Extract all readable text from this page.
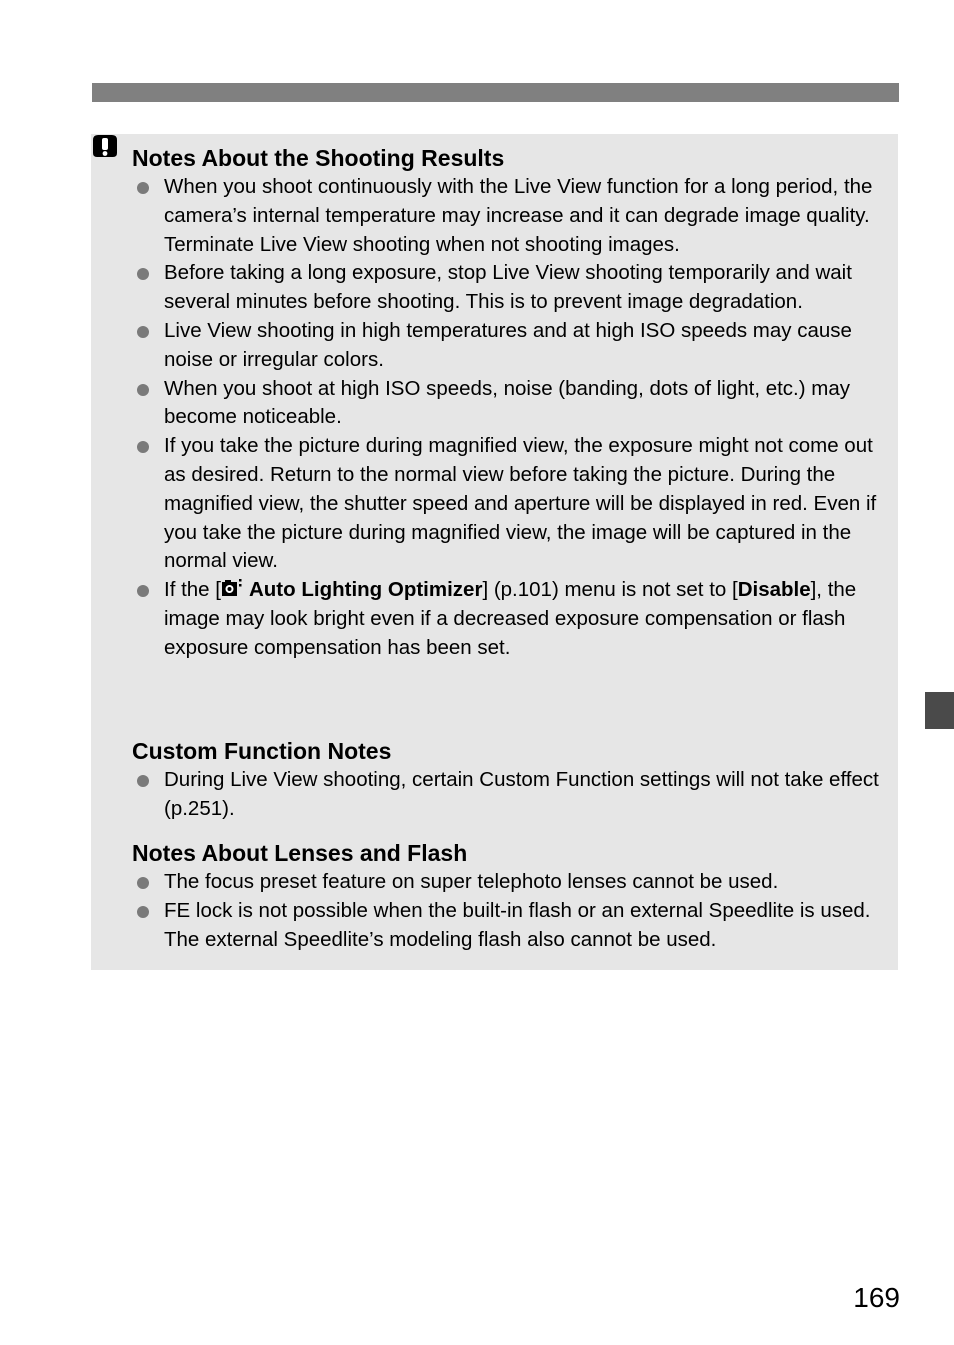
Notes About the Shooting Results
When you shoot continuously with the Live View function for a long period, the camera’s internal temperature may increase and it can degrade image quality. Terminate Live View shooting when not shooting images.
Before taking a long exposure, stop Live View shooting temporarily and wait several minutes before shooting. This is to prevent image degradation.
Live View shooting in high temperatures and at high ISO speeds may cause noise or irregular colors.
When you shoot at high ISO speeds, noise (banding, dots of light, etc.) may become noticeable.
If you take the picture during magnified view, the exposure might not come out as desired. Return to the normal view before taking the picture. During the magnified view, the shutter speed and aperture will be displayed in red. Even if you take the picture during magnified view, the image will be captured in the normal view.
If the [ Auto Lighting Optimizer] (p.101) menu is not set to [Disable], the image may look bright even if a decreased exposure compensation or flash exposure compensation has been set.
Custom Function Notes
During Live View shooting, certain Custom Function settings will not take effect (p.251).
Notes About Lenses and Flash
The focus preset feature on super telephoto lenses cannot be used.
FE lock is not possible when the built-in flash or an external Speedlite is used. The external Speedlite’s modeling flash also cannot be used.
169
